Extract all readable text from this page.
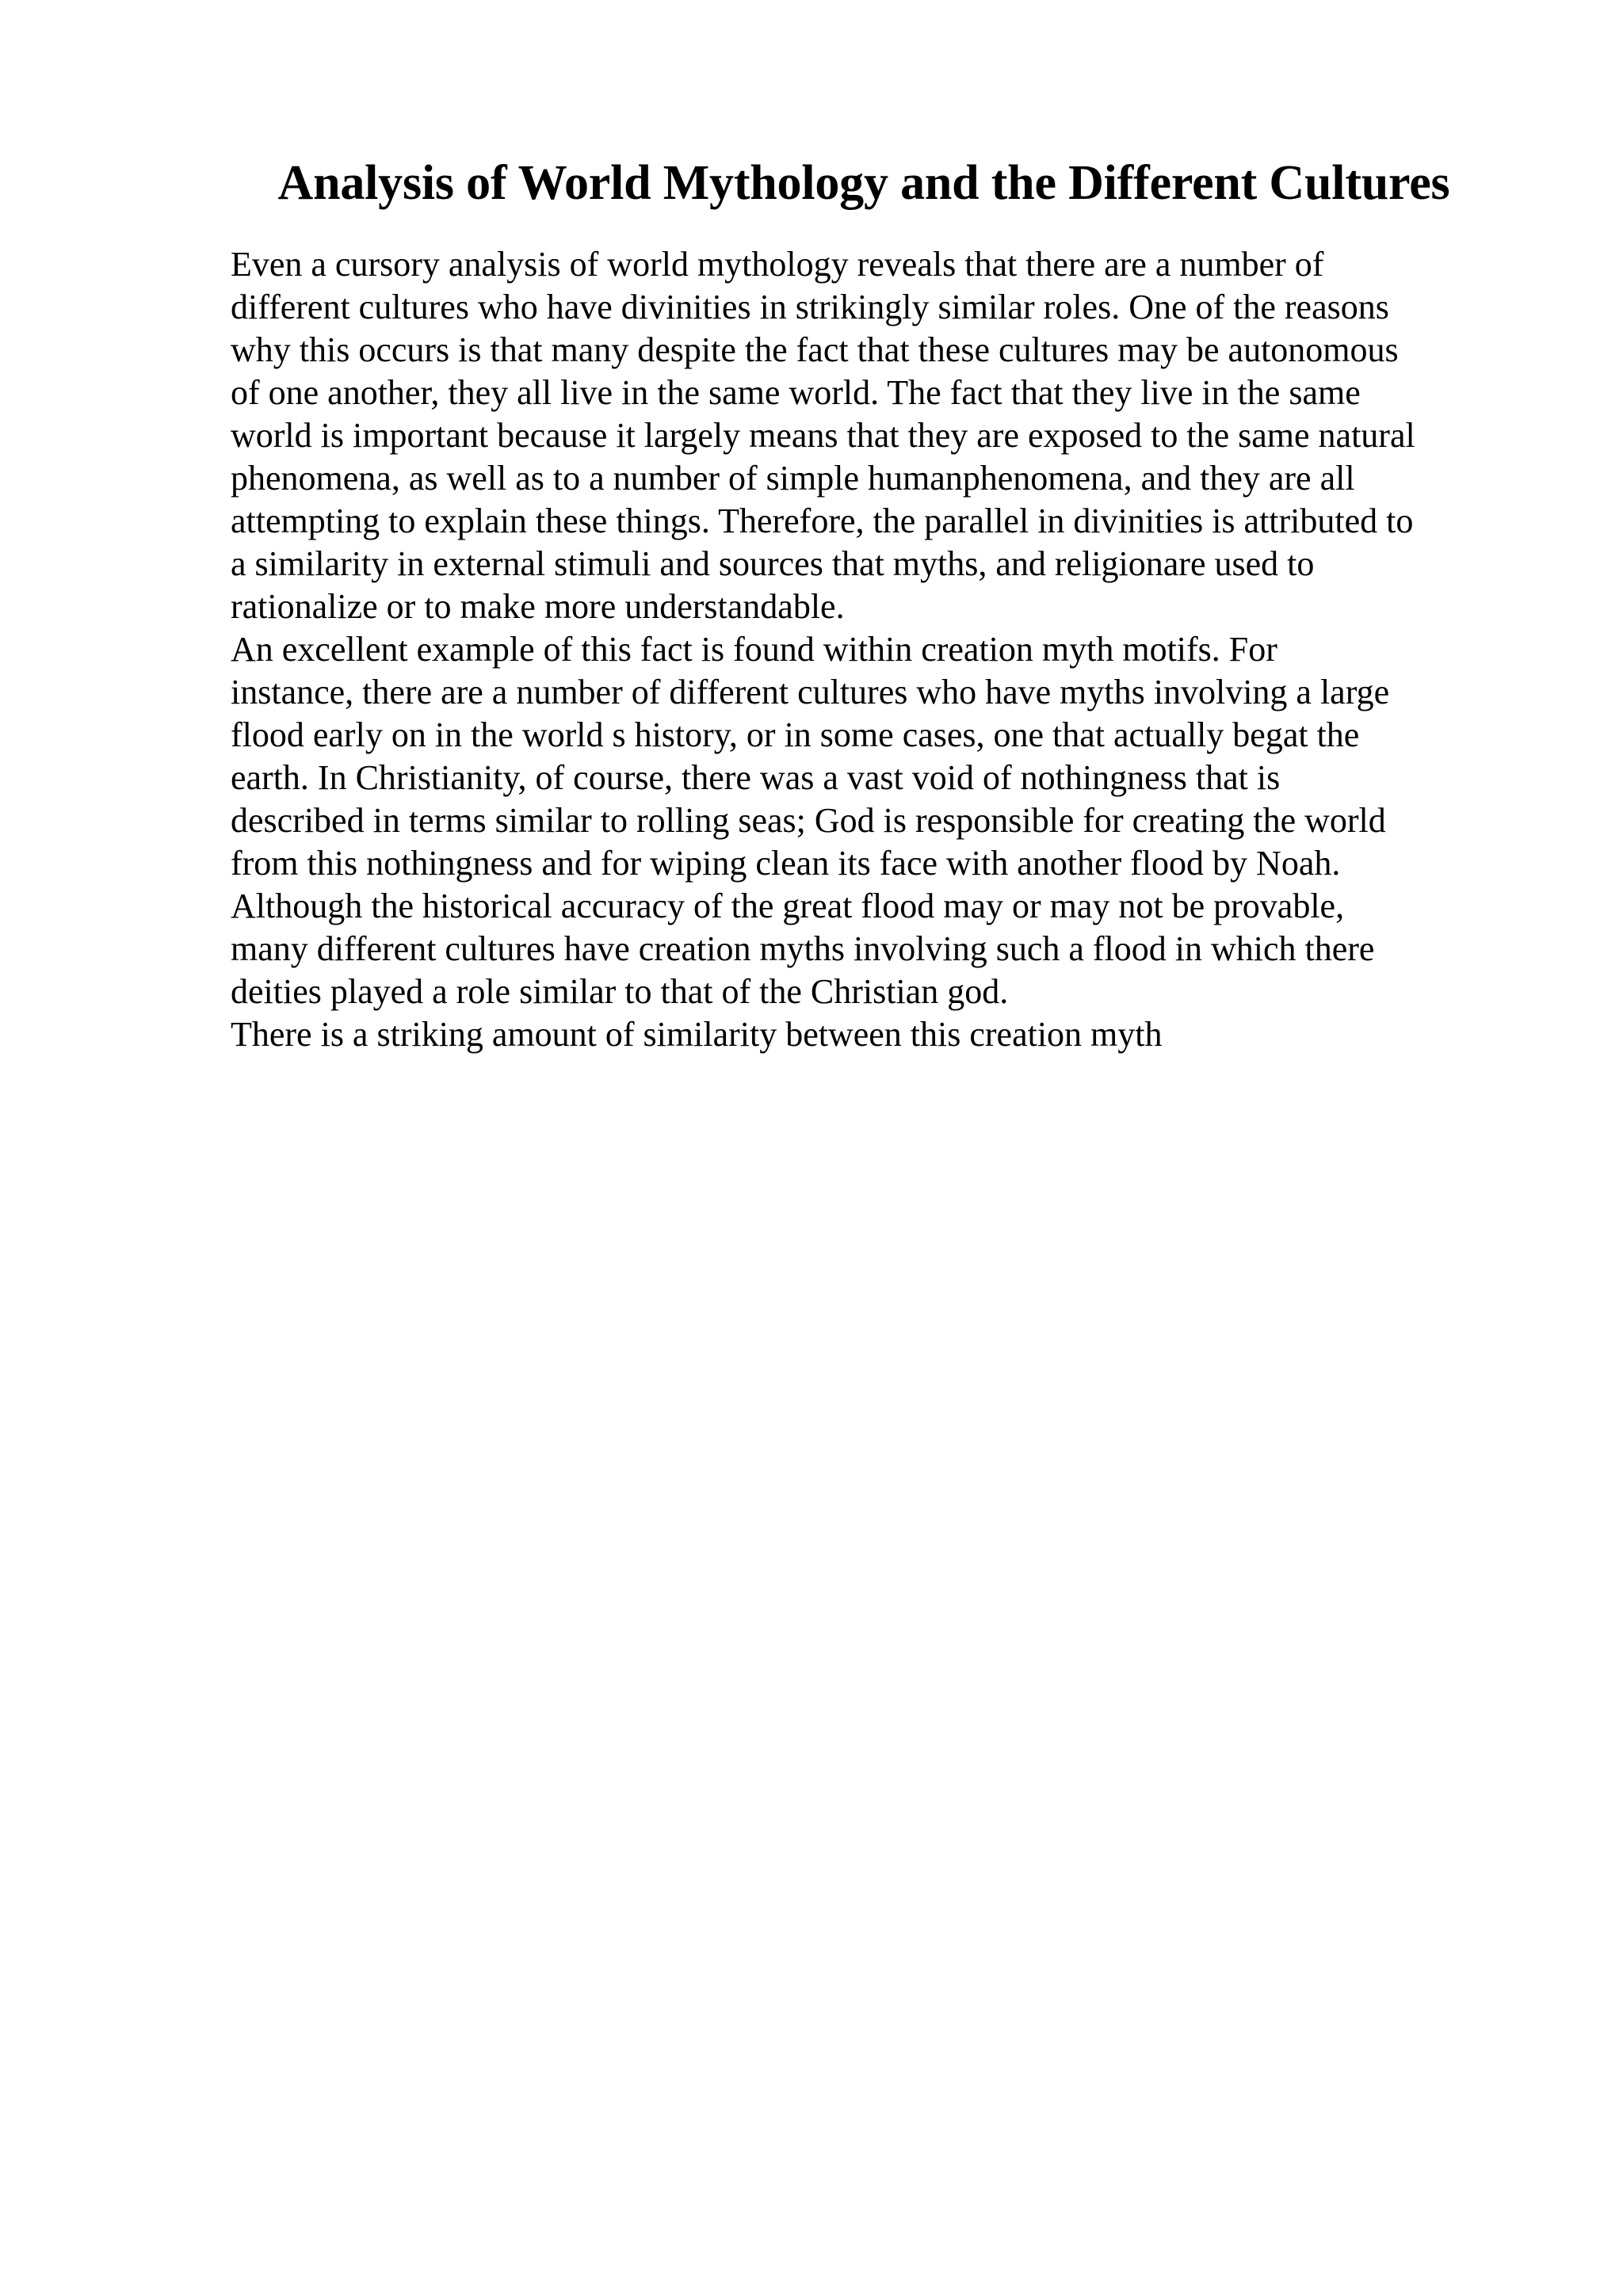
Analysis of World Mythology and the Different Cultures
Even a cursory analysis of world mythology reveals that there are a number of
different cultures who have divinities in strikingly similar roles. One of the reasons
why this occurs is that many despite the fact that these cultures may be autonomous
of one another, they all live in the same world. The fact that they live in the same
world is important because it largely means that they are exposed to the same natural
phenomena, as well as to a number of simple humanphenomena, and they are all
attempting to explain these things. Therefore, the parallel in divinities is attributed to
a similarity in external stimuli and sources that myths, and religionare used to
rationalize or to make more understandable.
An excellent example of this fact is found within creation myth motifs. For
instance, there are a number of different cultures who have myths involving a large
flood early on in the world s history, or in some cases, one that actually begat the
earth. In Christianity, of course, there was a vast void of nothingness that is
described in terms similar to rolling seas; God is responsible for creating the world
from this nothingness and for wiping clean its face with another flood by Noah.
Although the historical accuracy of the great flood may or may not be provable,
many different cultures have creation myths involving such a flood in which there
deities played a role similar to that of the Christian god.
There is a striking amount of similarity between this creation myth
